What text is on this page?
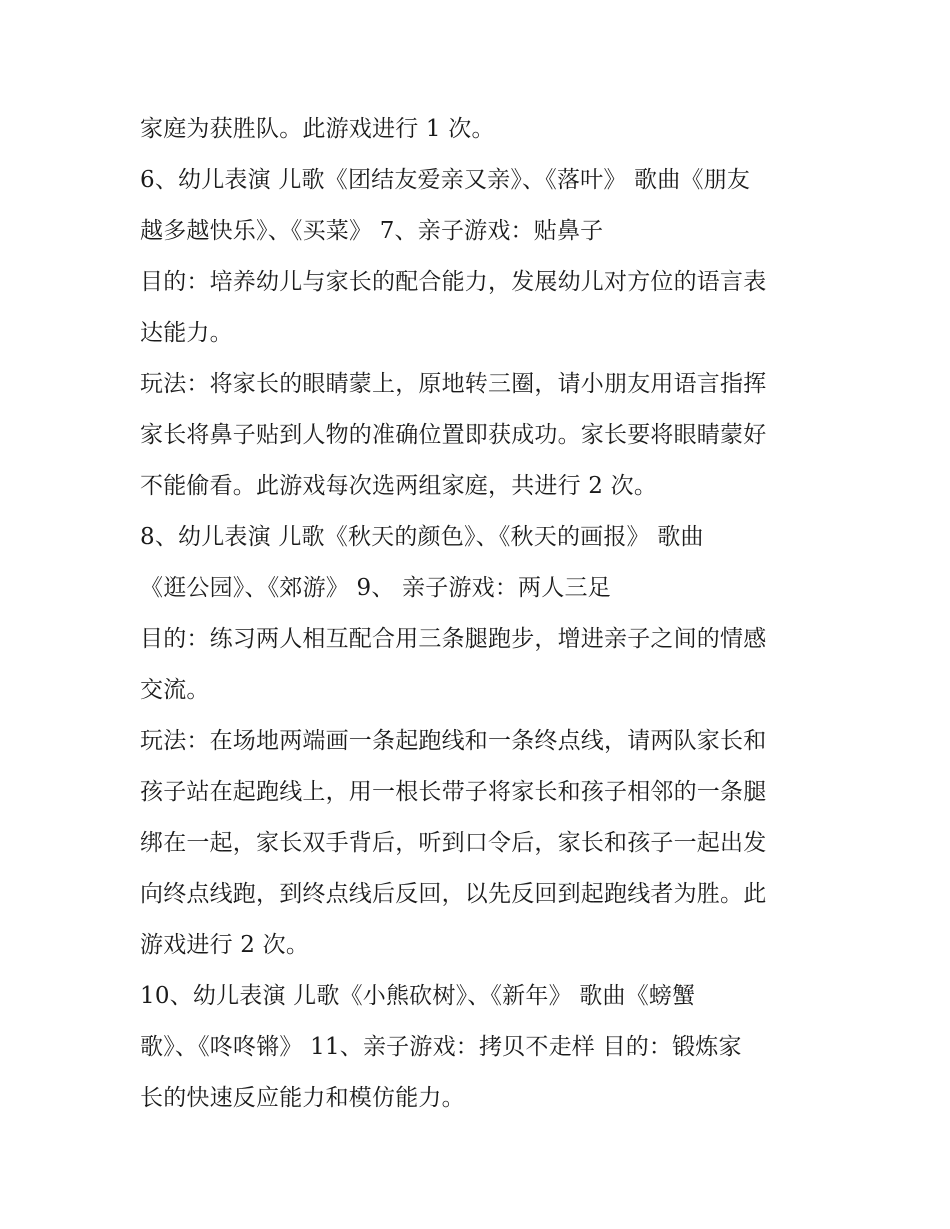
家庭为获胜队。此游戏进行 1 次。
6、幼儿表演 儿歌《团结友爱亲又亲》、《落叶》 歌曲《朋友
越多越快乐》、《买菜》 7、亲子游戏：贴鼻子
目的：培养幼儿与家长的配合能力，发展幼儿对方位的语言表
达能力。
玩法：将家长的眼睛蒙上，原地转三圈，请小朋友用语言指挥
家长将鼻子贴到人物的准确位置即获成功。家长要将眼睛蒙好
不能偷看。此游戏每次选两组家庭，共进行 2 次。
8、幼儿表演 儿歌《秋天的颜色》、《秋天的画报》 歌曲
《逛公园》、《郊游》 9、 亲子游戏：两人三足
目的：练习两人相互配合用三条腿跑步，增进亲子之间的情感
交流。
玩法：在场地两端画一条起跑线和一条终点线，请两队家长和
孩子站在起跑线上，用一根长带子将家长和孩子相邻的一条腿
绑在一起，家长双手背后，听到口令后，家长和孩子一起出发
向终点线跑，到终点线后反回，以先反回到起跑线者为胜。此
游戏进行 2 次。
10、幼儿表演 儿歌《小熊砍树》、《新年》 歌曲《螃蟹
歌》、《咚咚锵》 11、亲子游戏：拷贝不走样 目的：锻炼家
长的快速反应能力和模仿能力。
